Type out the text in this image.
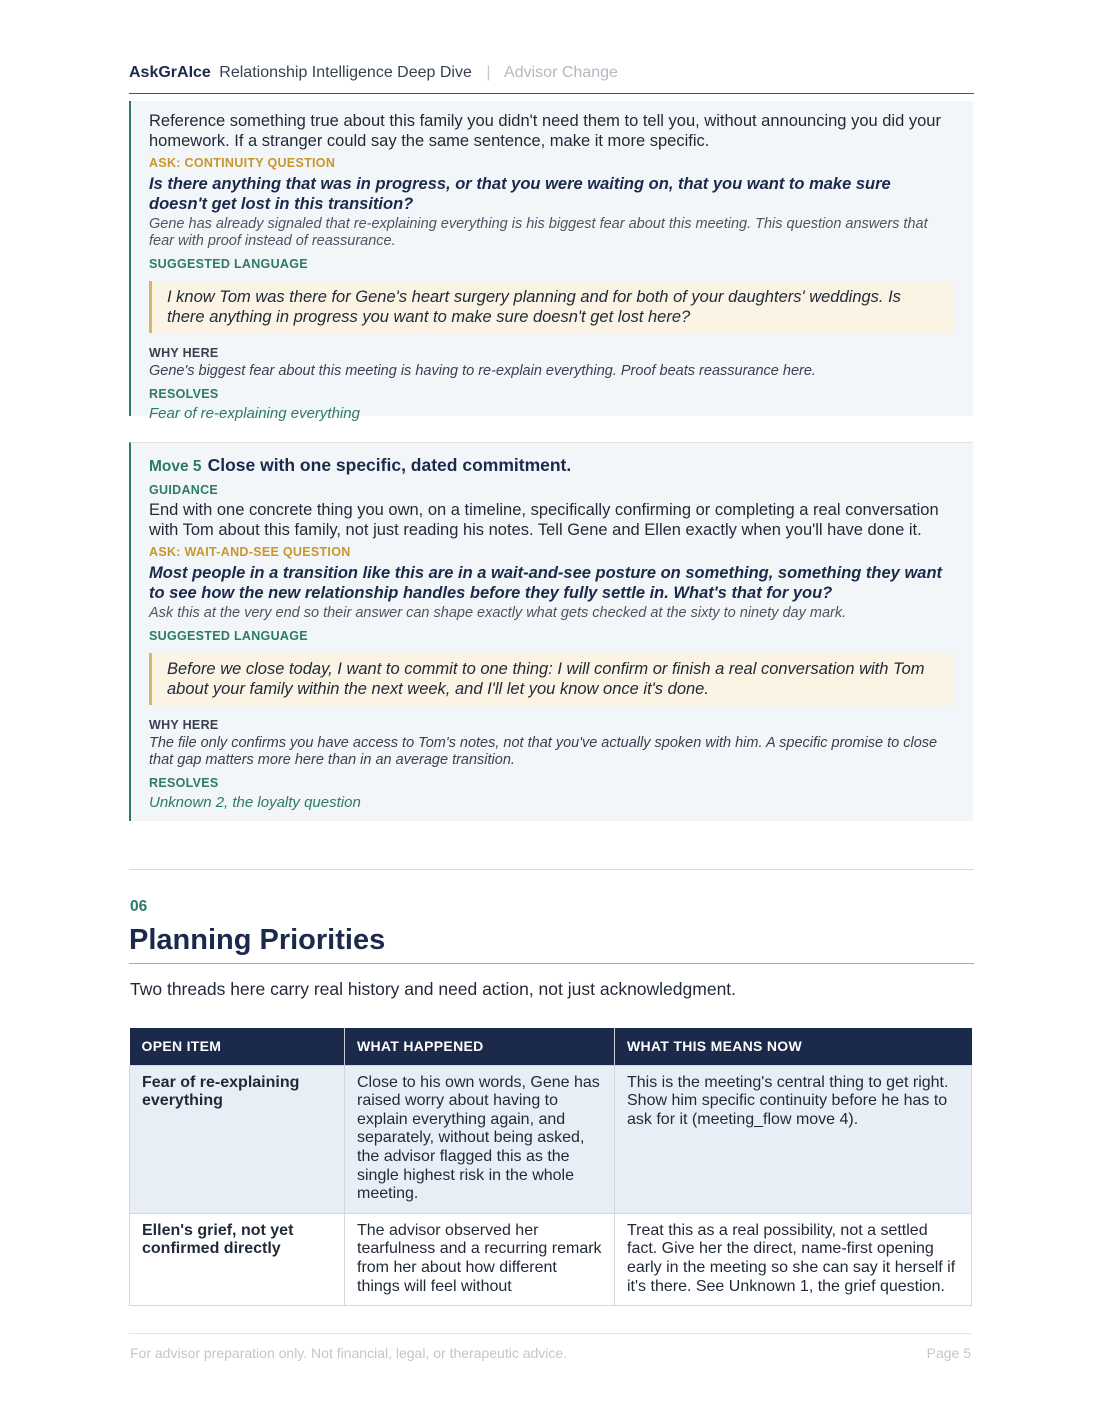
AskGrAIce Relationship Intelligence Deep Dive | Advisor Change
Reference something true about this family you didn't need them to tell you, without announcing you did your homework. If a stranger could say the same sentence, make it more specific.
ASK: CONTINUITY QUESTION
Is there anything that was in progress, or that you were waiting on, that you want to make sure doesn't get lost in this transition?
Gene has already signaled that re-explaining everything is his biggest fear about this meeting. This question answers that fear with proof instead of reassurance.
SUGGESTED LANGUAGE
I know Tom was there for Gene's heart surgery planning and for both of your daughters' weddings. Is there anything in progress you want to make sure doesn't get lost here?
WHY HERE
Gene's biggest fear about this meeting is having to re-explain everything. Proof beats reassurance here.
RESOLVES
Fear of re-explaining everything
Move 5 Close with one specific, dated commitment.
GUIDANCE
End with one concrete thing you own, on a timeline, specifically confirming or completing a real conversation with Tom about this family, not just reading his notes. Tell Gene and Ellen exactly when you'll have done it.
ASK: WAIT-AND-SEE QUESTION
Most people in a transition like this are in a wait-and-see posture on something, something they want to see how the new relationship handles before they fully settle in. What's that for you?
Ask this at the very end so their answer can shape exactly what gets checked at the sixty to ninety day mark.
SUGGESTED LANGUAGE
Before we close today, I want to commit to one thing: I will confirm or finish a real conversation with Tom about your family within the next week, and I'll let you know once it's done.
WHY HERE
The file only confirms you have access to Tom's notes, not that you've actually spoken with him. A specific promise to close that gap matters more here than in an average transition.
RESOLVES
Unknown 2, the loyalty question
06
Planning Priorities
Two threads here carry real history and need action, not just acknowledgment.
OPEN ITEM	WHAT HAPPENED	WHAT THIS MEANS NOW
Fear of re-explaining everything	Close to his own words, Gene has raised worry about having to explain everything again, and separately, without being asked, the advisor flagged this as the single highest risk in the whole meeting.	This is the meeting's central thing to get right. Show him specific continuity before he has to ask for it (meeting_flow move 4).
Ellen's grief, not yet confirmed directly	The advisor observed her tearfulness and a recurring remark from her about how different things will feel without	Treat this as a real possibility, not a settled fact. Give her the direct, name-first opening early in the meeting so she can say it herself if it's there. See Unknown 1, the grief question.
For advisor preparation only. Not financial, legal, or therapeutic advice.	Page 5
